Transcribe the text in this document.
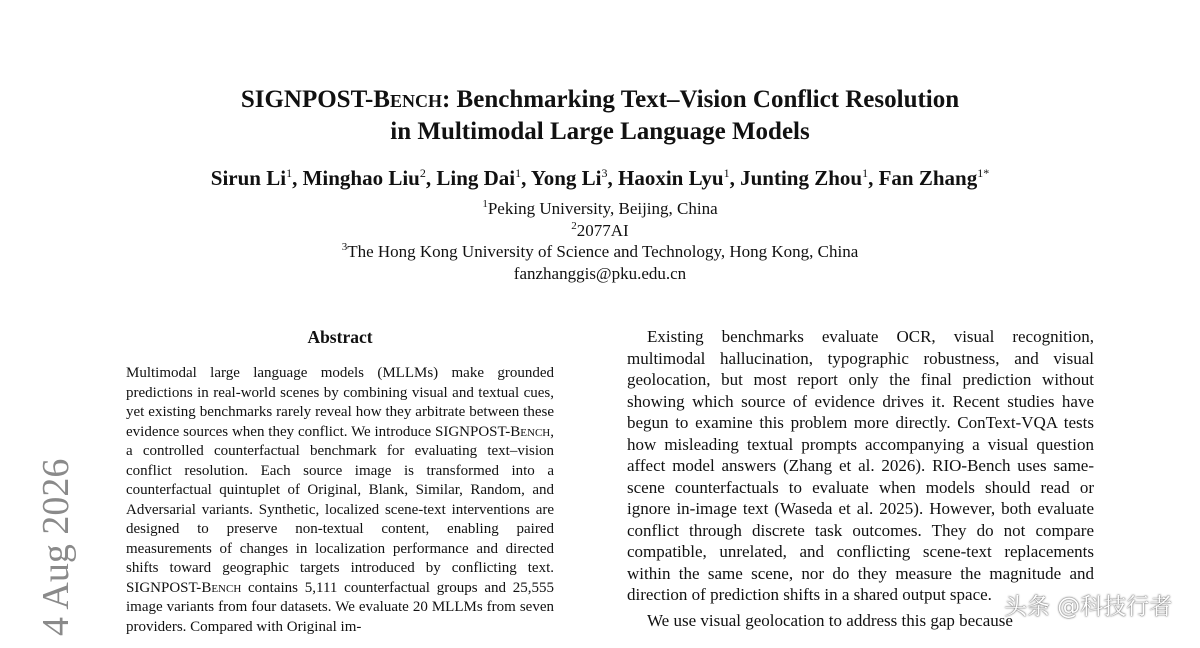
SIGNPOST-Bench: Benchmarking Text–Vision Conflict Resolution
in Multimodal Large Language Models
Sirun Li$^1$, Minghao Liu$^2$, Ling Dai$^1$, Yong Li$^3$, Haoxin Lyu$^1$, Junting Zhou$^1$, Fan Zhang$^{1*}$
$^1$Peking University, Beijing, China
$^2$2077AI
$^3$The Hong Kong University of Science and Technology, Hong Kong, China
fanzhanggis@pku.edu.cn
Abstract
Multimodal large language models (MLLMs) make grounded predictions in real-world scenes by combining visual and textual cues, yet existing benchmarks rarely reveal how they arbitrate between these evidence sources when they conflict. We introduce SIGNPOST-Bench, a controlled counterfactual benchmark for evaluating text–vision conflict resolution. Each source image is transformed into a counterfactual quintuplet of Original, Blank, Similar, Random, and Adversarial variants. Synthetic, localized scene-text interventions are designed to preserve non-textual content, enabling paired measurements of changes in localization performance and directed shifts toward geographic targets introduced by conflicting text. SIGNPOST-Bench contains 5,111 counterfactual groups and 25,555 image variants from four datasets. We evaluate 20 MLLMs from seven providers. Compared with Original im-

Existing benchmarks evaluate OCR, visual recognition, multimodal hallucination, typographic robustness, and visual geolocation, but most report only the final prediction without showing which source of evidence drives it. Recent studies have begun to examine this problem more directly. ConText-VQA tests how misleading textual prompts accompanying a visual question affect model answers (Zhang et al. 2026). RIO-Bench uses same-scene counterfactuals to evaluate when models should read or ignore in-image text (Waseda et al. 2025). However, both evaluate conflict through discrete task outcomes. They do not compare compatible, unrelated, and conflicting scene-text replacements within the same scene, nor do they measure the magnitude and direction of prediction shifts in a shared output space.

We use visual geolocation to address this gap because

4 Aug 2026	头条 @科技行者
